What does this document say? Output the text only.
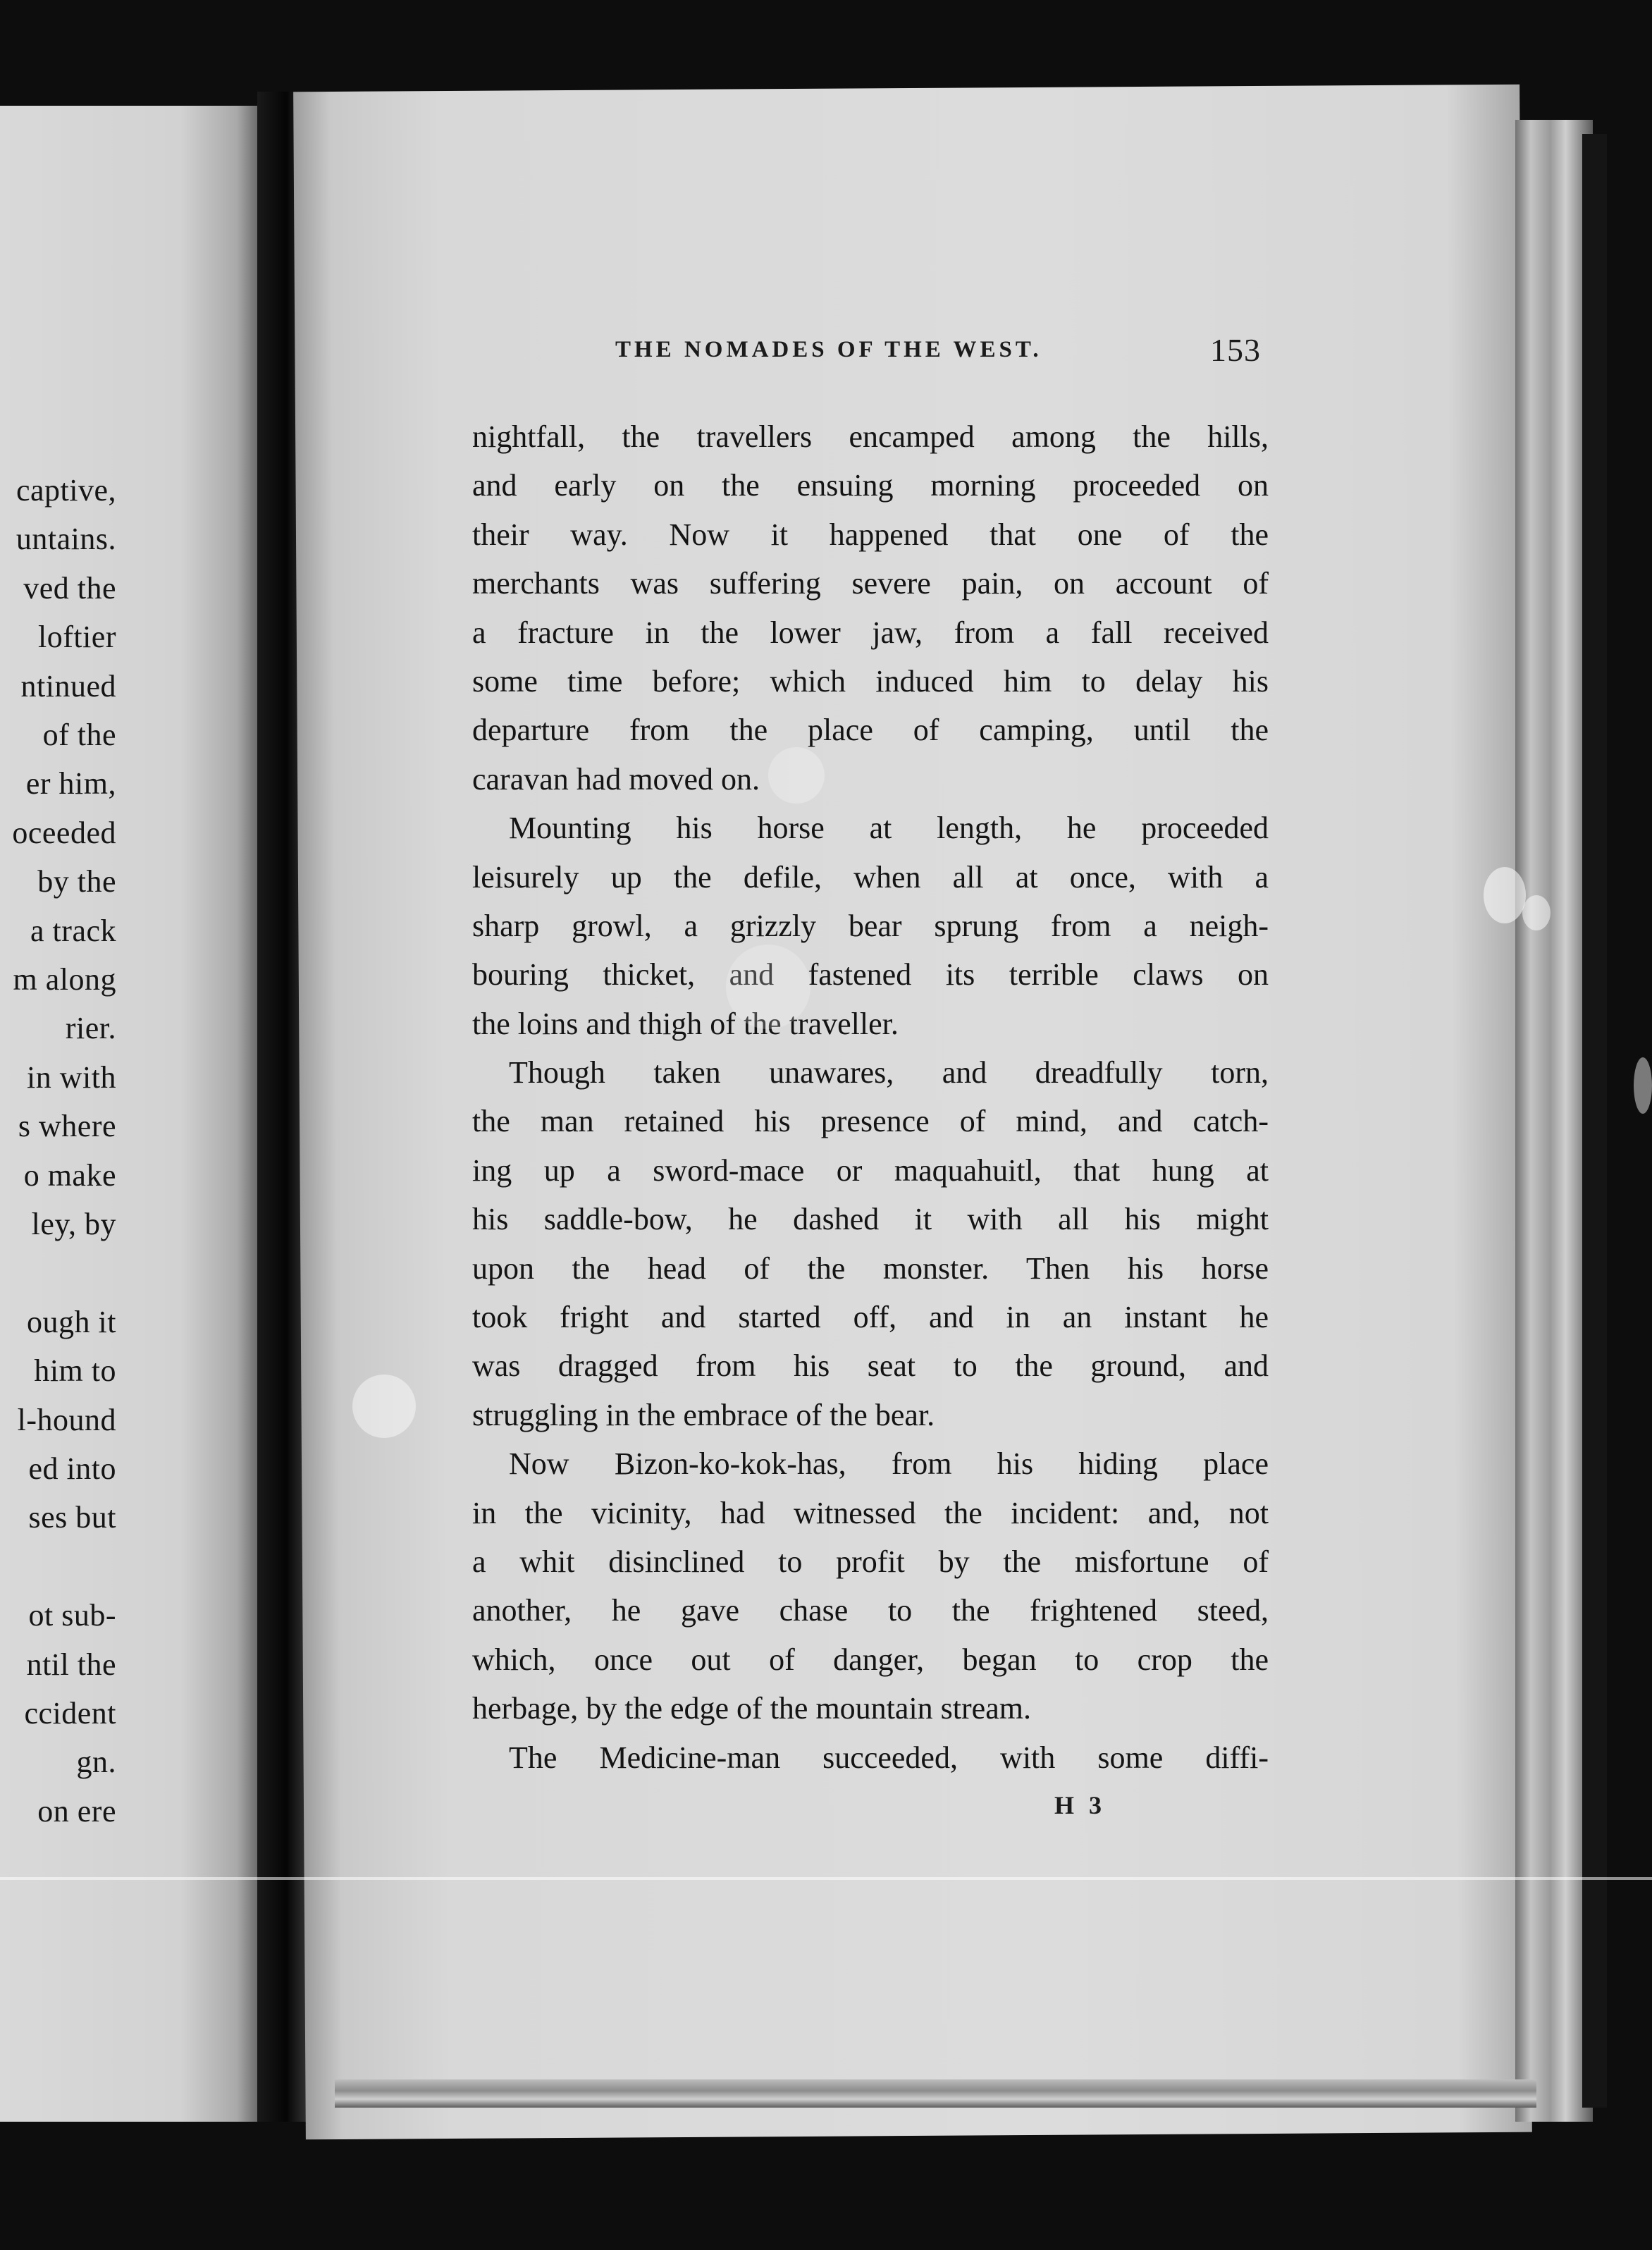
captive,
untains.
ved the
loftier
ntinued
of the
er him,
oceeded
by the
a track
m along
rier.
in with
s where
o make
ley, by
ough it
him to
l-hound
ed into
ses but
ot sub-
ntil the
ccident
gn.
on ere
THE NOMADES OF THE WEST.	153
nightfall, the travellers encamped among the hills,
and early on the ensuing morning proceeded on
their way. Now it happened that one of the
merchants was suffering severe pain, on account of
a fracture in the lower jaw, from a fall received
some time before; which induced him to delay his
departure from the place of camping, until the
caravan had moved on.
Mounting his horse at length, he proceeded
leisurely up the defile, when all at once, with a
sharp growl, a grizzly bear sprung from a neigh-
bouring thicket, and fastened its terrible claws on
the loins and thigh of the traveller.
Though taken unawares, and dreadfully torn,
the man retained his presence of mind, and catch-
ing up a sword-mace or maquahuitl, that hung at
his saddle-bow, he dashed it with all his might
upon the head of the monster. Then his horse
took fright and started off, and in an instant he
was dragged from his seat to the ground, and
struggling in the embrace of the bear.
Now Bizon-ko-kok-has, from his hiding place
in the vicinity, had witnessed the incident: and, not
a whit disinclined to profit by the misfortune of
another, he gave chase to the frightened steed,
which, once out of danger, began to crop the
herbage, by the edge of the mountain stream.
The Medicine-man succeeded, with some diffi-
H 3
